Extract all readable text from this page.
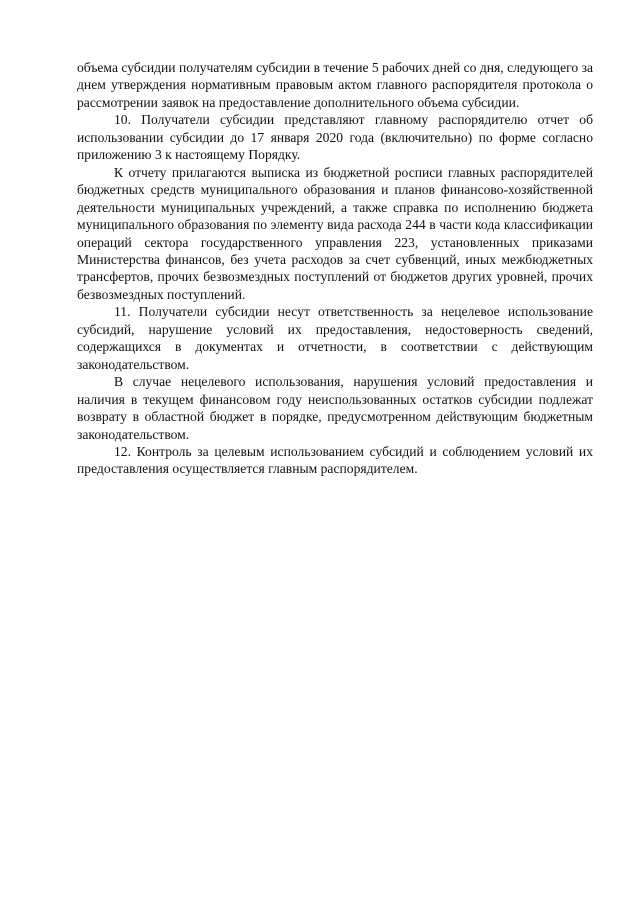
объема субсидии получателям субсидии в течение 5 рабочих дней со дня, следующего за днем утверждения нормативным правовым актом главного распорядителя протокола о рассмотрении заявок на предоставление дополнительного объема субсидии.

10. Получатели субсидии представляют главному распорядителю отчет об использовании субсидии до 17 января 2020 года (включительно) по форме согласно приложению 3 к настоящему Порядку.

К отчету прилагаются выписка из бюджетной росписи главных распорядителей бюджетных средств муниципального образования и планов финансово-хозяйственной деятельности муниципальных учреждений, а также справка по исполнению бюджета муниципального образования по элементу вида расхода 244 в части кода классификации операций сектора государственного управления 223, установленных приказами Министерства финансов, без учета расходов за счет субвенций, иных межбюджетных трансфертов, прочих безвозмездных поступлений от бюджетов других уровней, прочих безвозмездных поступлений.

11. Получатели субсидии несут ответственность за нецелевое использование субсидий, нарушение условий их предоставления, недостоверность сведений, содержащихся в документах и отчетности, в соответствии с действующим законодательством.

В случае нецелевого использования, нарушения условий предоставления и наличия в текущем финансовом году неиспользованных остатков субсидии подлежат возврату в областной бюджет в порядке, предусмотренном действующим бюджетным законодательством.

12. Контроль за целевым использованием субсидий и соблюдением условий их предоставления осуществляется главным распорядителем.
